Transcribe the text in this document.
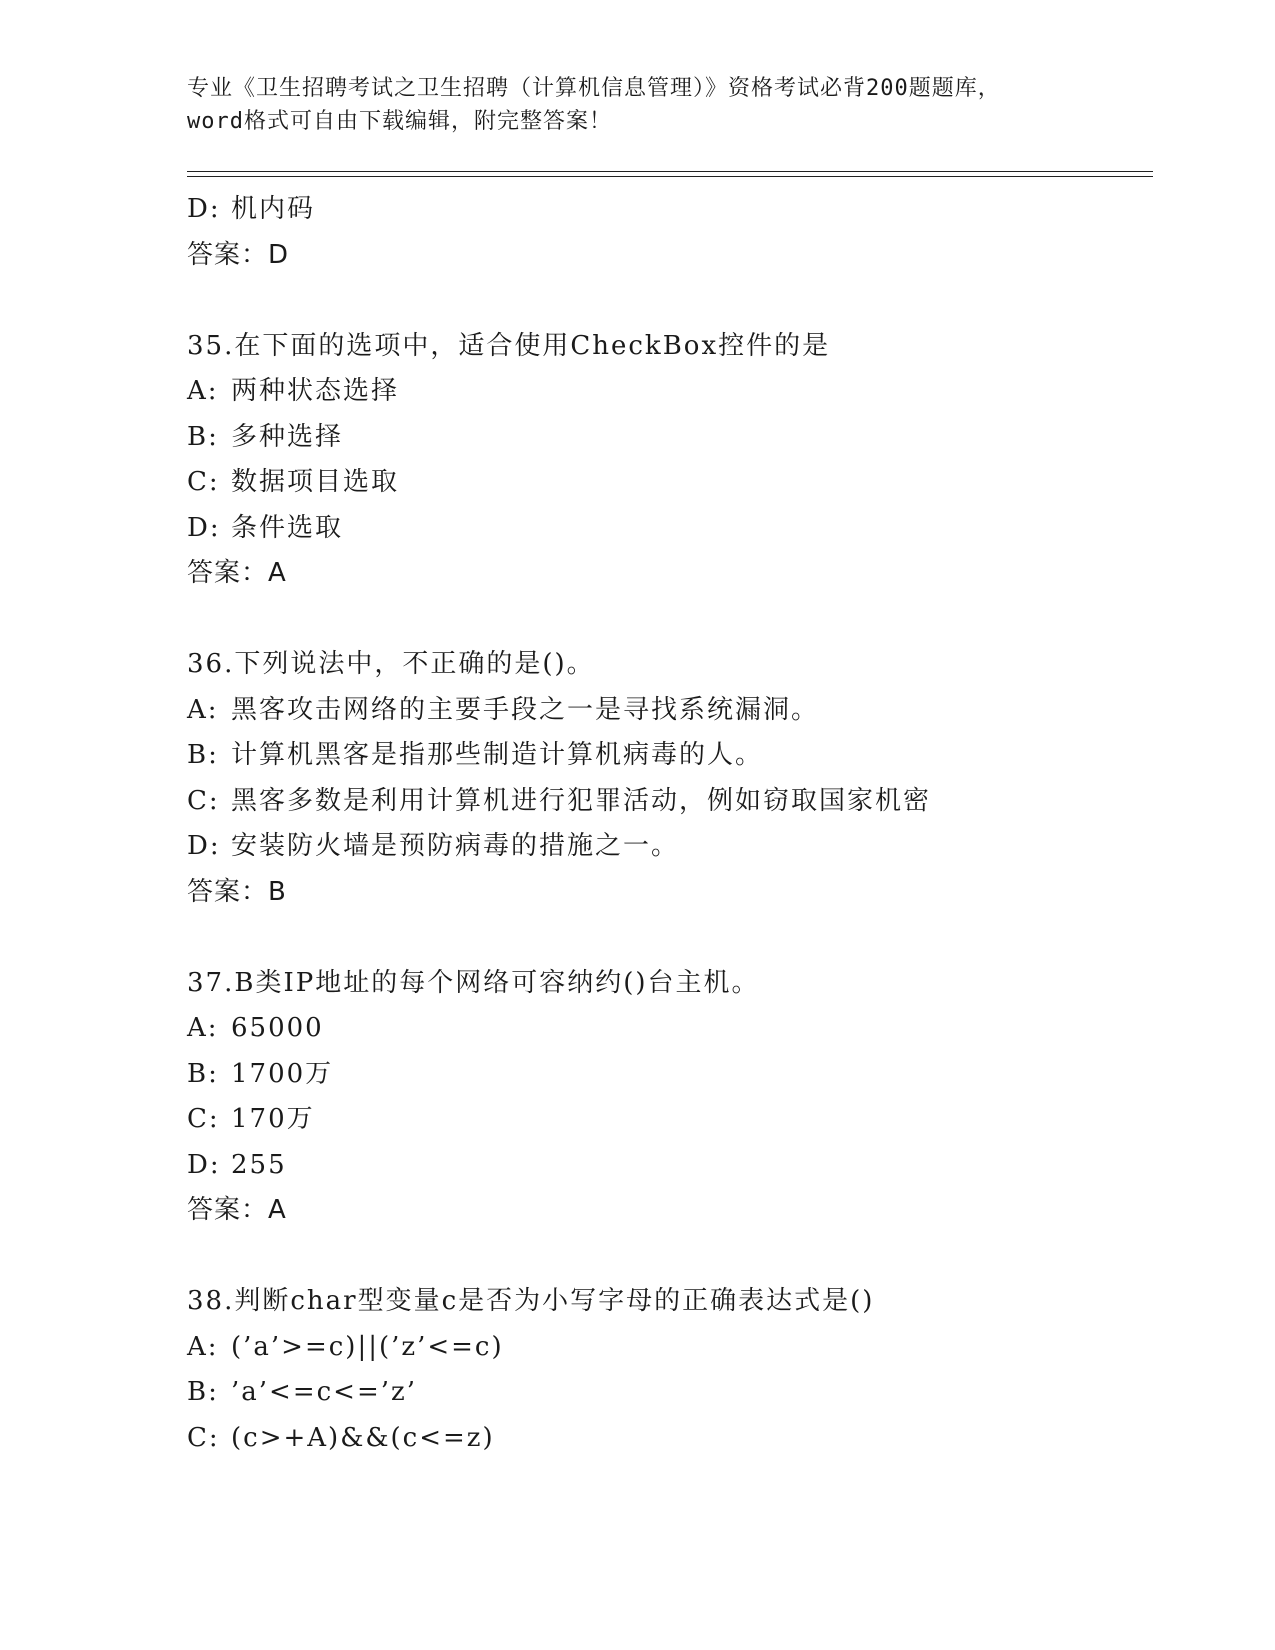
专业《卫生招聘考试之卫生招聘（计算机信息管理）》资格考试必背200题题库，
word格式可自由下载编辑，附完整答案！
D: 机内码
答案：D
35.在下面的选项中，适合使用CheckBox控件的是
A: 两种状态选择
B: 多种选择
C: 数据项目选取
D: 条件选取
答案：A
36.下列说法中，不正确的是()。
A: 黑客攻击网络的主要手段之一是寻找系统漏洞。
B: 计算机黑客是指那些制造计算机病毒的人。
C: 黑客多数是利用计算机进行犯罪活动，例如窃取国家机密
D: 安装防火墙是预防病毒的措施之一。
答案：B
37.B类IP地址的每个网络可容纳约()台主机。
A: 65000
B: 1700万
C: 170万
D: 255
答案：A
38.判断char型变量c是否为小写字母的正确表达式是()
A: (’a’>=c)||(’z’<=c)
B: ’a’<=c<=’z’
C: (c>+A)&&(c<=z)
